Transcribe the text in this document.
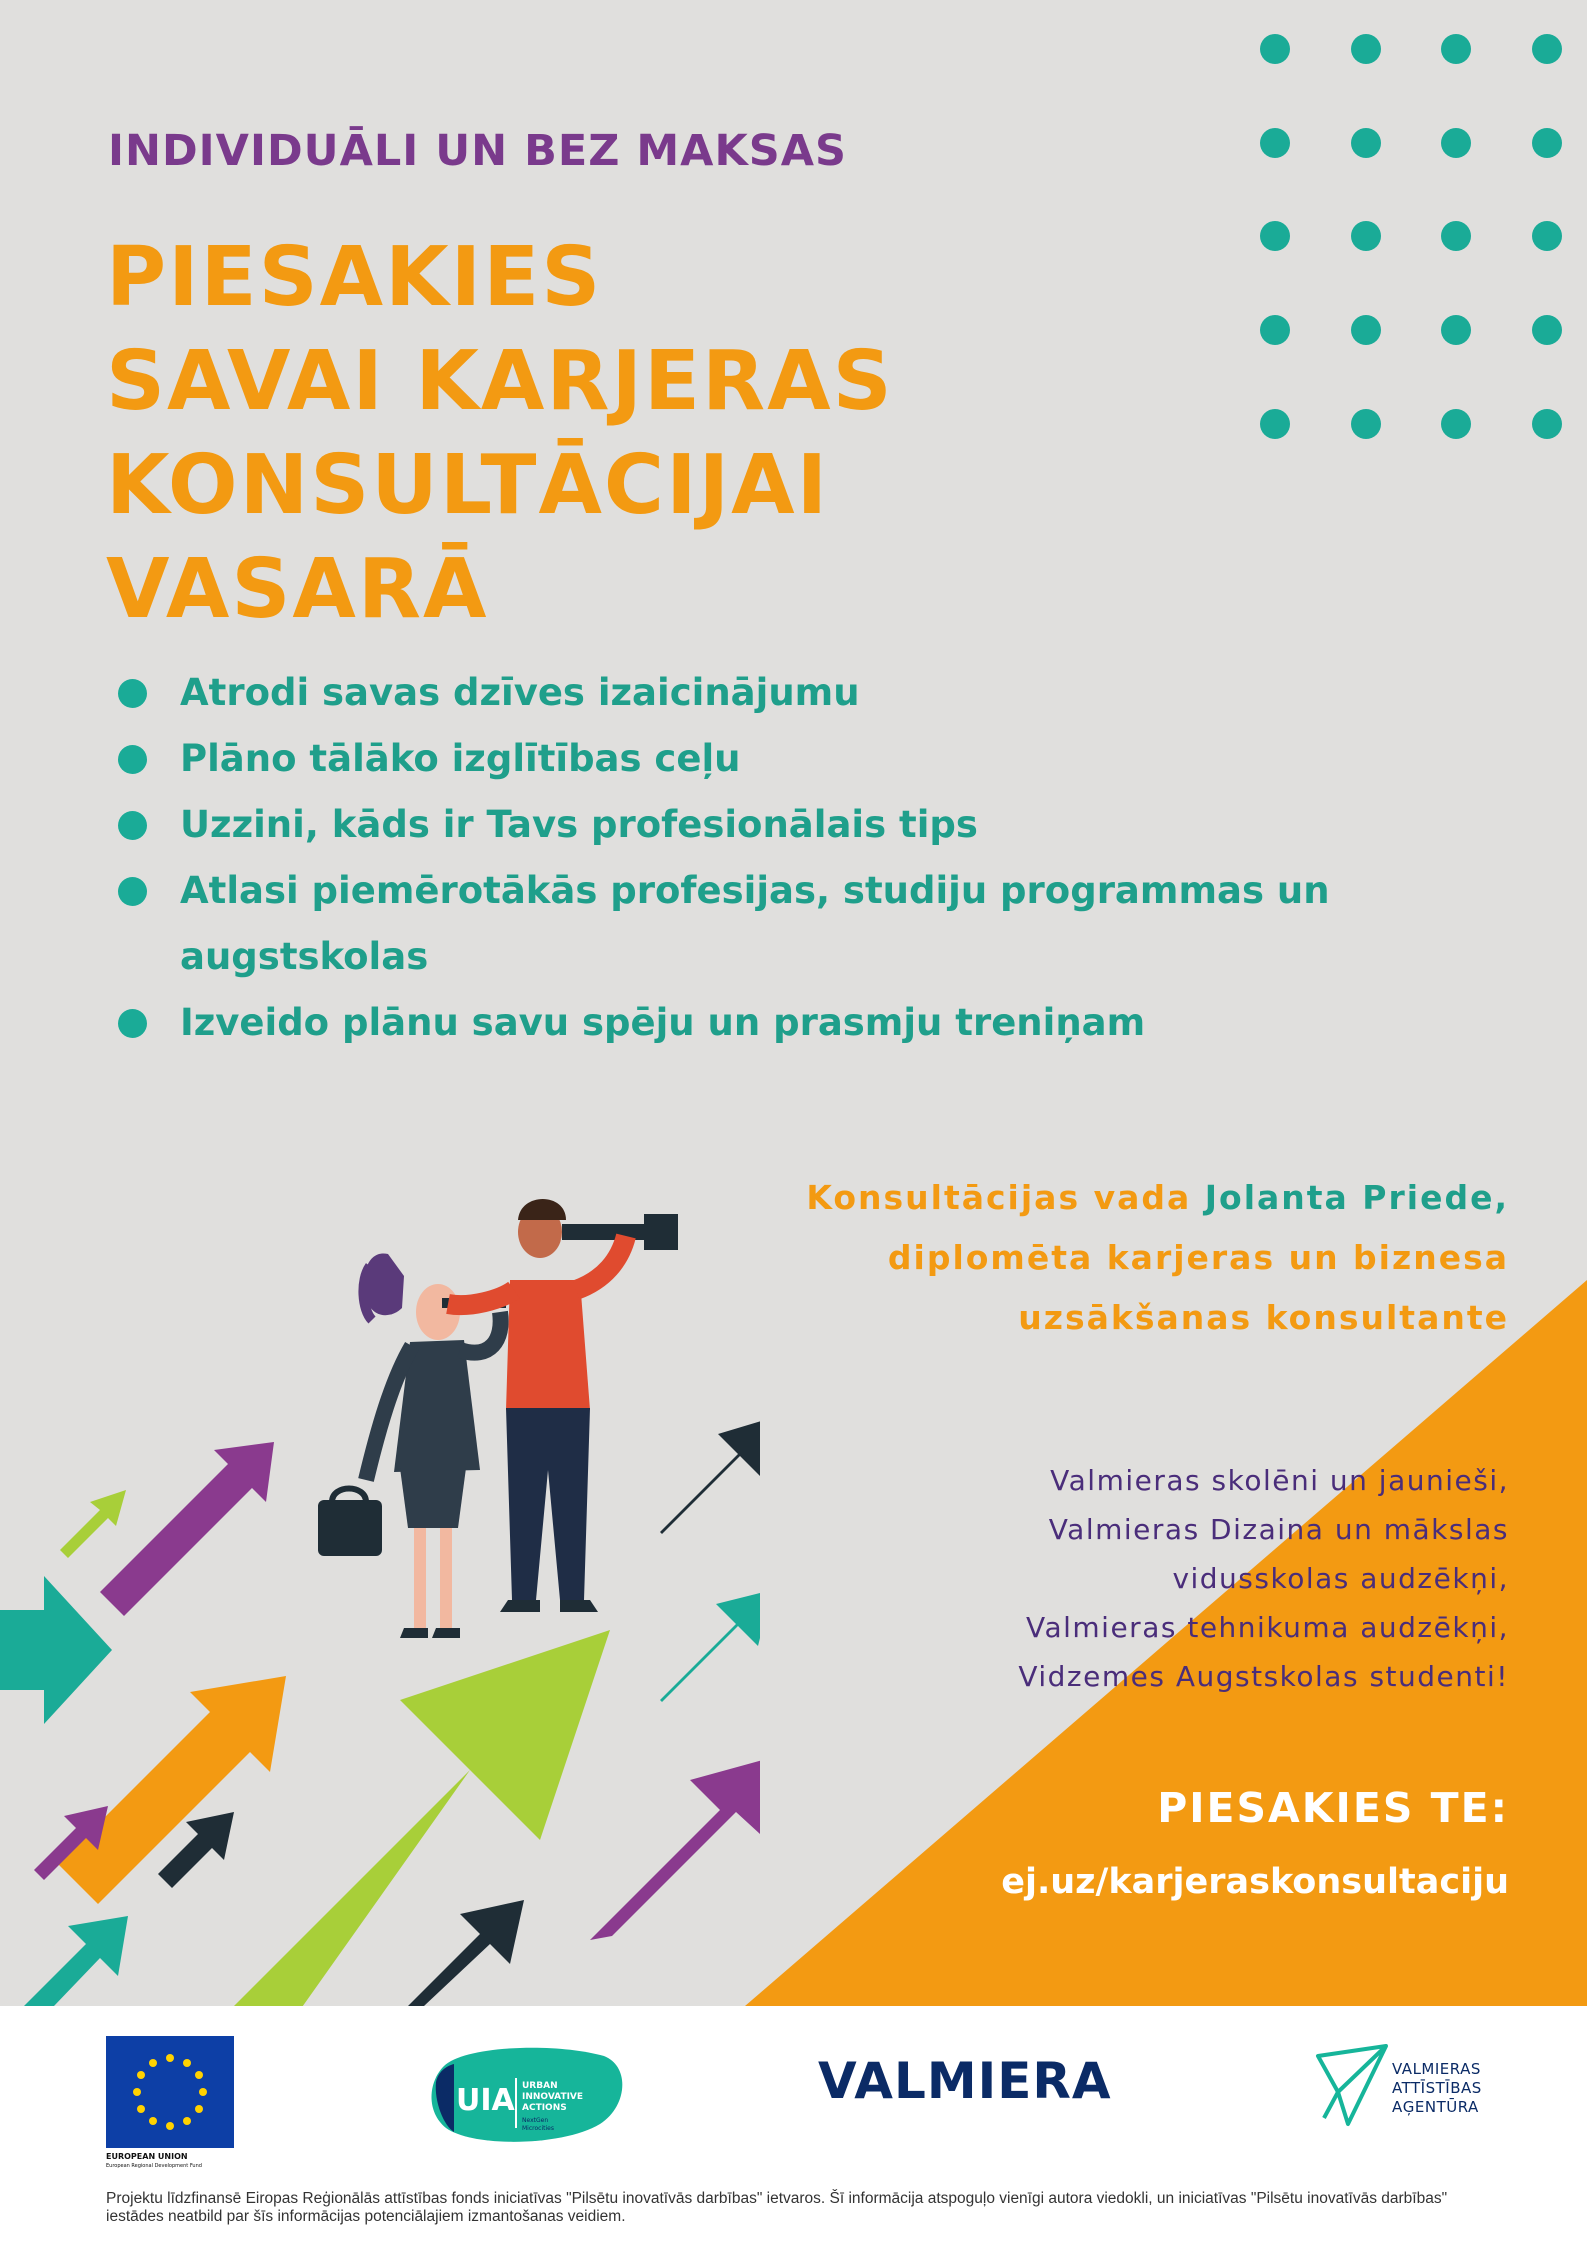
INDIVIDUĀLI UN BEZ MAKSAS
PIESAKIES
SAVAI KARJERAS
KONSULTĀCIJAI
VASARĀ
Atrodi savas dzīves izaicinājumu
Plāno tālāko izglītības ceļu
Uzzini, kāds ir Tavs profesionālais tips
Atlasi piemērotākās profesijas, studiju programmas un augstskolas
Izveido plānu savu spēju un prasmju treniņam
Konsultācijas vada Jolanta Priede,
diplomēta karjeras un biznesa
uzsākšanas konsultante
Valmieras skolēni un jaunieši,
Valmieras Dizaina un mākslas
vidusskolas audzēkņi,
Valmieras tehnikuma audzēkņi,
Vidzemes Augstskolas studenti!
PIESAKIES TE:
ej.uz/karjeraskonsultaciju
EUROPEAN UNION
European Regional Development Fund
UIA URBAN
INNOVATIVE
ACTIONS
NextGen
Microcities
VALMIERA	VALMIERAS
ATTĪSTĪBAS
AĢENTŪRA
Projektu līdzfinansē Eiropas Reģionālās attīstības fonds iniciatīvas "Pilsētu inovatīvās darbības" ietvaros. Šī informācija atspoguļo vienīgi autora viedokli, un iniciatīvas "Pilsētu inovatīvās darbības" iestādes neatbild par šīs informācijas potenciālajiem izmantošanas veidiem.
